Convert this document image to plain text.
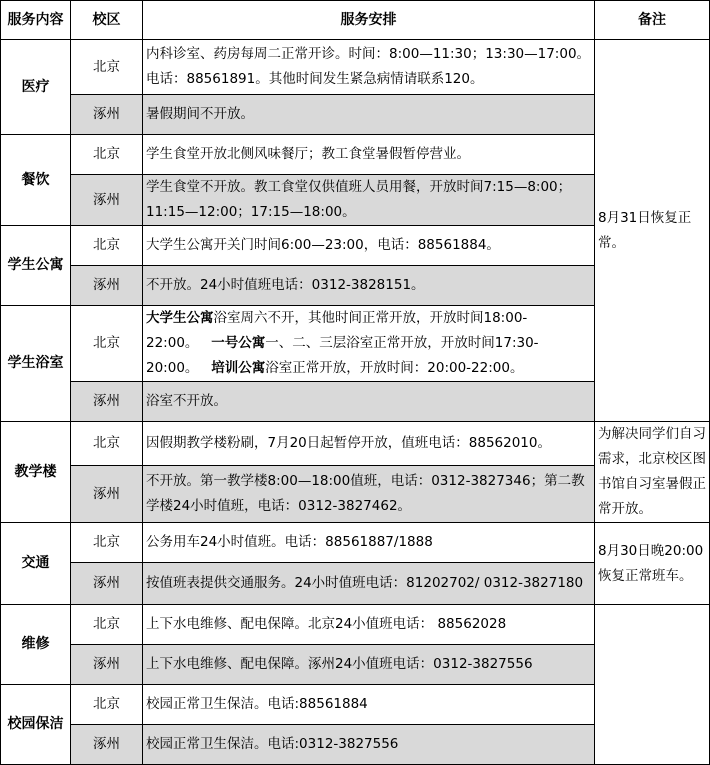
服务内容	校区	服务安排	备注
医疗	北京	内科诊室、药房每周二正常开诊。时间：8:00—11:30；13:30—17:00。电话：88561891。其他时间发生紧急病情请联系120。	8月31日恢复正常。

	涿州	暑假期间不开放。	
餐饮	北京	学生食堂开放北侧风味餐厅；教工食堂暑假暂停营业。	
	涿州	学生食堂不开放。教工食堂仅供值班人员用餐，开放时间7:15—8:00；11:15—12:00；17:15—18:00。	
学生公寓	北京	大学生公寓开关门时间6:00—23:00，电话：88561884。	
	涿州	不开放。24小时值班电话：0312-3828151。	
学生浴室	北京	大学生公寓浴室周六不开，其他时间正常开放，开放时间18:00-22:00。 一号公寓一、二、三层浴室正常开放，开放时间17:30-20:00。 培训公寓浴室正常开放，开放时间：20:00-22:00。	
	涿州	浴室不开放。	
教学楼	北京	因假期教学楼粉刷，7月20日起暂停开放，值班电话：88562010。	为解决同学们自习需求，北京校区图书馆自习室暑假正常开放。

	涿州	不开放。第一教学楼8:00—18:00值班，电话：0312-3827346；第二教学楼24小时值班，电话：0312-3827462。	
交通	北京	公务用车24小时值班。电话：88561887/1888	8月30日晚20:00恢复正常班车。

	涿州	按值班表提供交通服务。24小时值班电话：81202702/ 0312-3827180	
维修	北京	上下水电维修、配电保障。北京24小值班电话： 88562028	
	涿州	上下水电维修、配电保障。涿州24小值班电话：0312-3827556	
校园保洁	北京	校园正常卫生保洁。电话:88561884	
	涿州	校园正常卫生保洁。电话:0312-3827556	
